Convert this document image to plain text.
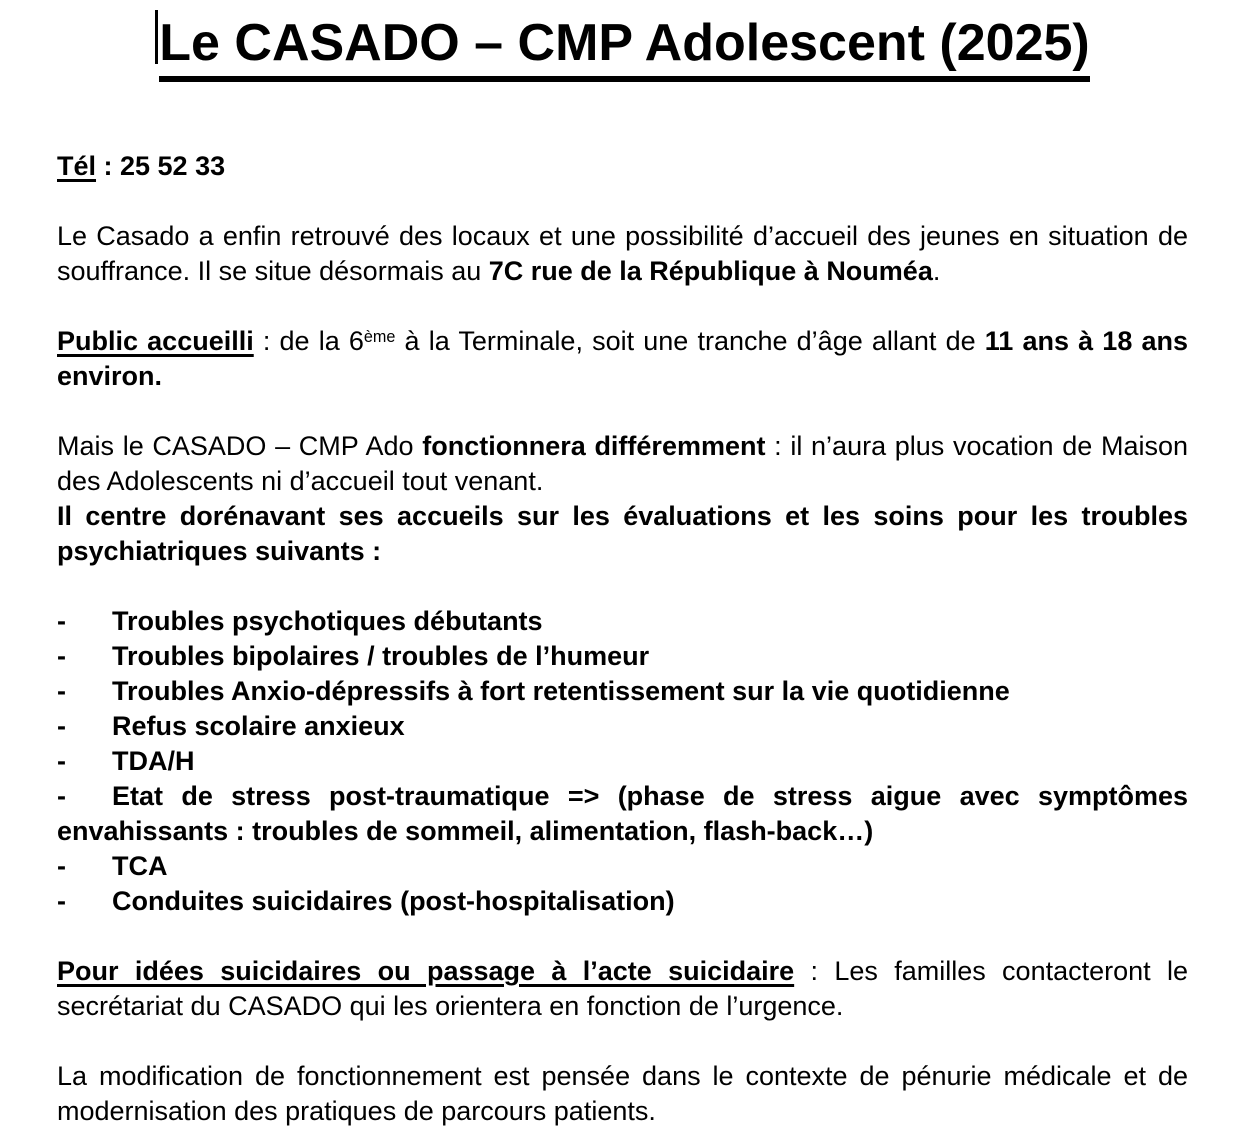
Le CASADO – CMP Adolescent (2025)

Tél : 25 52 33

Le Casado a enfin retrouvé des locaux et une possibilité d’accueil des jeunes en situation de souffrance. Il se situe désormais au 7C rue de la République à Nouméa.

Public accueilli : de la 6ème à la Terminale, soit une tranche d’âge allant de 11 ans à 18 ans environ.

Mais le CASADO – CMP Ado fonctionnera différemment : il n’aura plus vocation de Maison des Adolescents ni d’accueil tout venant.
Il centre dorénavant ses accueils sur les évaluations et les soins pour les troubles psychiatriques suivants :

- Troubles psychotiques débutants

- Troubles bipolaires / troubles de l’humeur

- Troubles Anxio-dépressifs à fort retentissement sur la vie quotidienne

- Refus scolaire anxieux

- TDA/H

- Etat de stress post-traumatique => (phase de stress aigue avec symptômes envahissants : troubles de sommeil, alimentation, flash-back…)

- TCA

- Conduites suicidaires (post-hospitalisation)

Pour idées suicidaires ou passage à l’acte suicidaire : Les familles contacteront le secrétariat du CASADO qui les orientera en fonction de l’urgence.

La modification de fonctionnement est pensée dans le contexte de pénurie médicale et de modernisation des pratiques de parcours patients.
